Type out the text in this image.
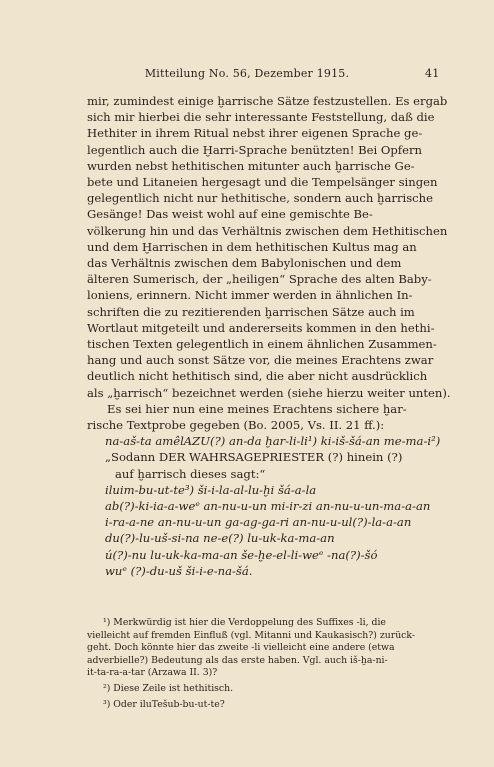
Mitteilung No. 56, Dezember 1915.	41
mir, zumindest einige ḫarrische Sätze festzustellen. Es ergab
sich mir hierbei die sehr interessante Feststellung, daß die
Hethiter in ihrem Ritual nebst ihrer eigenen Sprache ge-
legentlich auch die Ḫarri-Sprache benützten! Bei Opfern
wurden nebst hethitischen mitunter auch ḫarrische Ge-
bete und Litaneien hergesagt und die Tempelsänger singen
gelegentlich nicht nur hethitische, sondern auch ḫarrische
Gesänge! Das weist wohl auf eine gemischte Be-
völkerung hin und das Verhältnis zwischen dem Hethitischen
und dem Ḫarrischen in dem hethitischen Kultus mag an
das Verhältnis zwischen dem Babylonischen und dem
älteren Sumerisch, der „heiligen“ Sprache des alten Baby-
loniens, erinnern. Nicht immer werden in ähnlichen In-
schriften die zu rezitierenden ḫarrischen Sätze auch im
Wortlaut mitgeteilt und andererseits kommen in den hethi-
tischen Texten gelegentlich in einem ähnlichen Zusammen-
hang und auch sonst Sätze vor, die meines Erachtens zwar
deutlich nicht hethitisch sind, die aber nicht ausdrücklich
als „ḫarrisch“ bezeichnet werden (siehe hierzu weiter unten).
Es sei hier nun eine meines Erachtens sichere ḫar-
rische Textprobe gegeben (Bo. 2005, Vs. II. 21 ff.):
na-aš-ta amêlAZU(?) an-da ḫar-li-li¹) ki-iš-šá-an me-ma-i²)
„Sodann DER WAHRSAGEPRIESTER (?) hinein (?)
auf ḫarrisch dieses sagt:“
iluim-bu-ut-te³) ši-i-la-al-lu-ḫi šá-a-la
ab(?)-ki-ia-a-weᵉ an-nu-u-un mi-ir-zi an-nu-u-un-ma-a-an
i-ra-a-ne an-nu-u-un ga-ag-ga-ri an-nu-u-ul(?)-la-a-an
du(?)-lu-uš-si-na ne-e(?) lu-uk-ka-ma-an
ú(?)-nu lu-uk-ka-ma-an še-ḫe-el-li-weᵉ -na(?)-šó
wuᵉ (?)-du-uš ši-i-e-na-šá.
¹) Merkwürdig ist hier die Verdoppelung des Suffixes -li, die
vielleicht auf fremden Einfluß (vgl. Mitanni und Kaukasisch?) zurück-
geht. Doch könnte hier das zweite -li vielleicht eine andere (etwa
adverbielle?) Bedeutung als das erste haben. Vgl. auch iš-ḫa-ni-
it-ta-ra-a-tar (Arzawa II. 3)?
²) Diese Zeile ist hethitisch.
³) Oder iluTešub-bu-ut-te?
